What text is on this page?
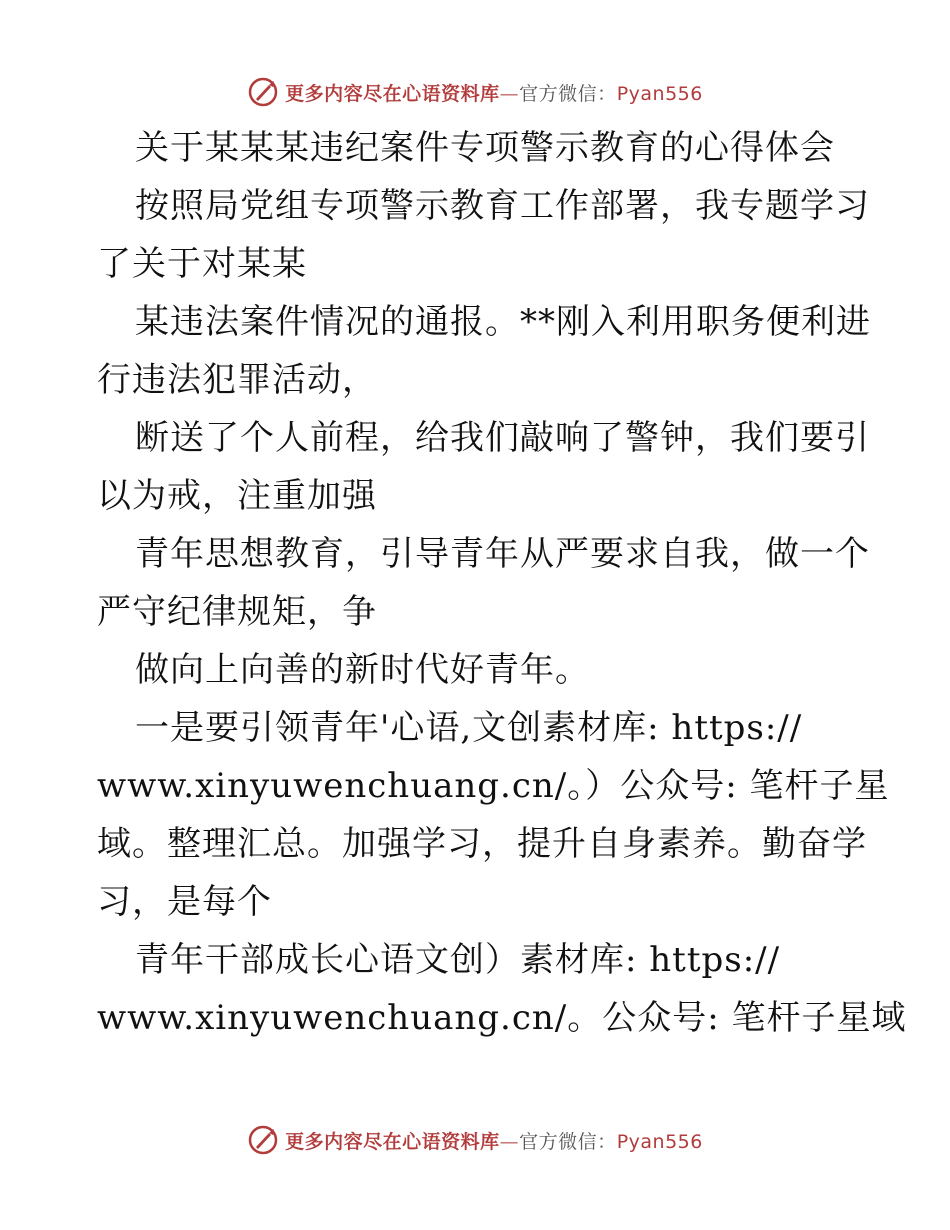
更多内容尽在心语资料库—官方微信：Pyan556
关于某某某违纪案件专项警示教育的心得体会
按照局党组专项警示教育工作部署，我专题学习
了关于对某某
某违法案件情况的通报。**刚入利用职务便利进
行违法犯罪活动，
断送了个人前程，给我们敲响了警钟，我们要引
以为戒，注重加强
青年思想教育，引导青年从严要求自我，做一个
严守纪律规矩，争
做向上向善的新时代好青年。
一是要引领青年'心语,文创素材库: https://
www.xinyuwenchuang.cn/。）公众号: 笔杆子星
域。整理汇总。加强学习，提升自身素养。勤奋学
习，是每个
青年干部成长心语文创）素材库: https://
www.xinyuwenchuang.cn/。公众号: 笔杆子星域
更多内容尽在心语资料库—官方微信：Pyan556
